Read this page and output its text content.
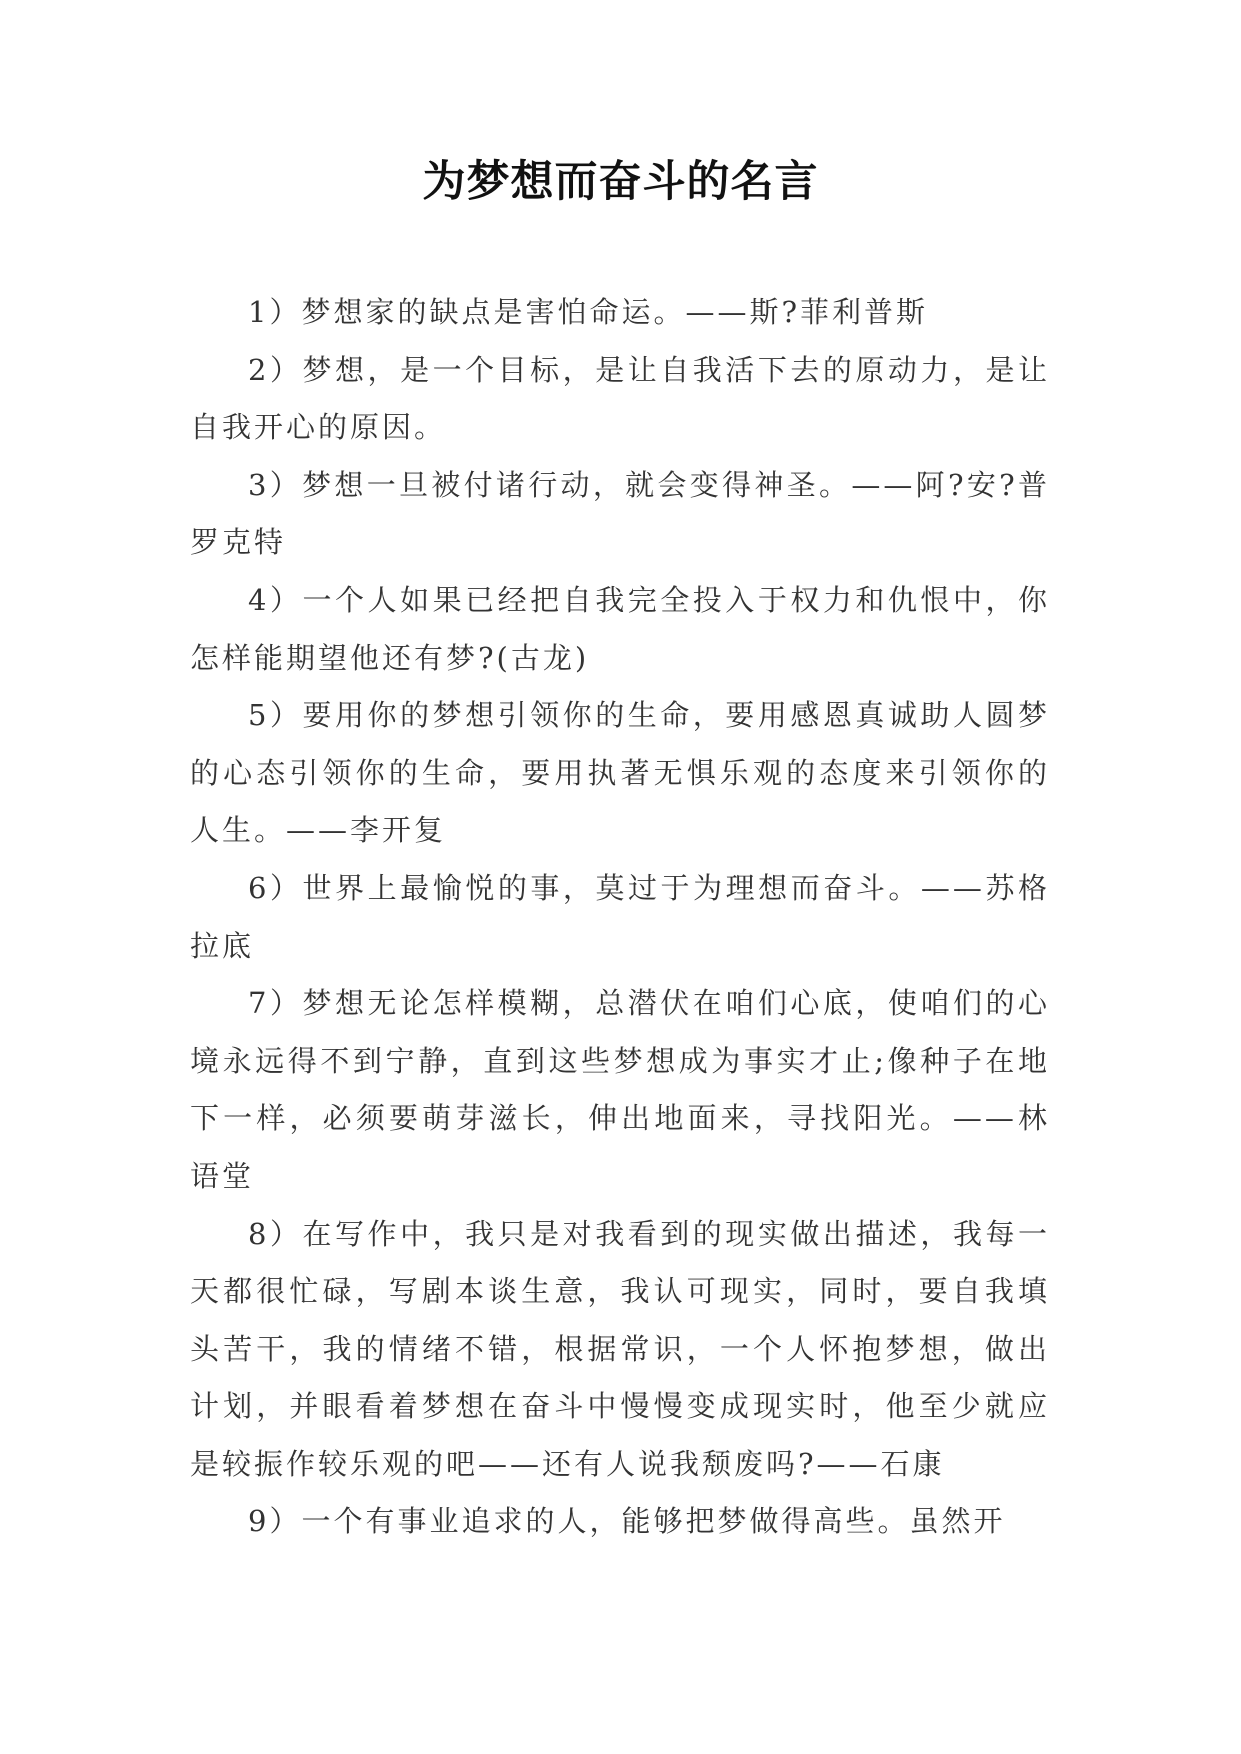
为梦想而奋斗的名言

1）梦想家的缺点是害怕命运。——斯?菲利普斯

2）梦想，是一个目标，是让自我活下去的原动力，是让自我开心的原因。

3）梦想一旦被付诸行动，就会变得神圣。——阿?安?普罗克特

4）一个人如果已经把自我完全投入于权力和仇恨中，你怎样能期望他还有梦?(古龙)

5）要用你的梦想引领你的生命，要用感恩真诚助人圆梦的心态引领你的生命，要用执著无惧乐观的态度来引领你的人生。——李开复

6）世界上最愉悦的事，莫过于为理想而奋斗。——苏格拉底

7）梦想无论怎样模糊，总潜伏在咱们心底，使咱们的心境永远得不到宁静，直到这些梦想成为事实才止;像种子在地下一样，必须要萌芽滋长，伸出地面来，寻找阳光。——林语堂

8）在写作中，我只是对我看到的现实做出描述，我每一天都很忙碌，写剧本谈生意，我认可现实，同时，要自我填头苦干，我的情绪不错，根据常识，一个人怀抱梦想，做出计划，并眼看着梦想在奋斗中慢慢变成现实时，他至少就应是较振作较乐观的吧——还有人说我颓废吗?——石康

9）一个有事业追求的人，能够把梦做得高些。虽然开
